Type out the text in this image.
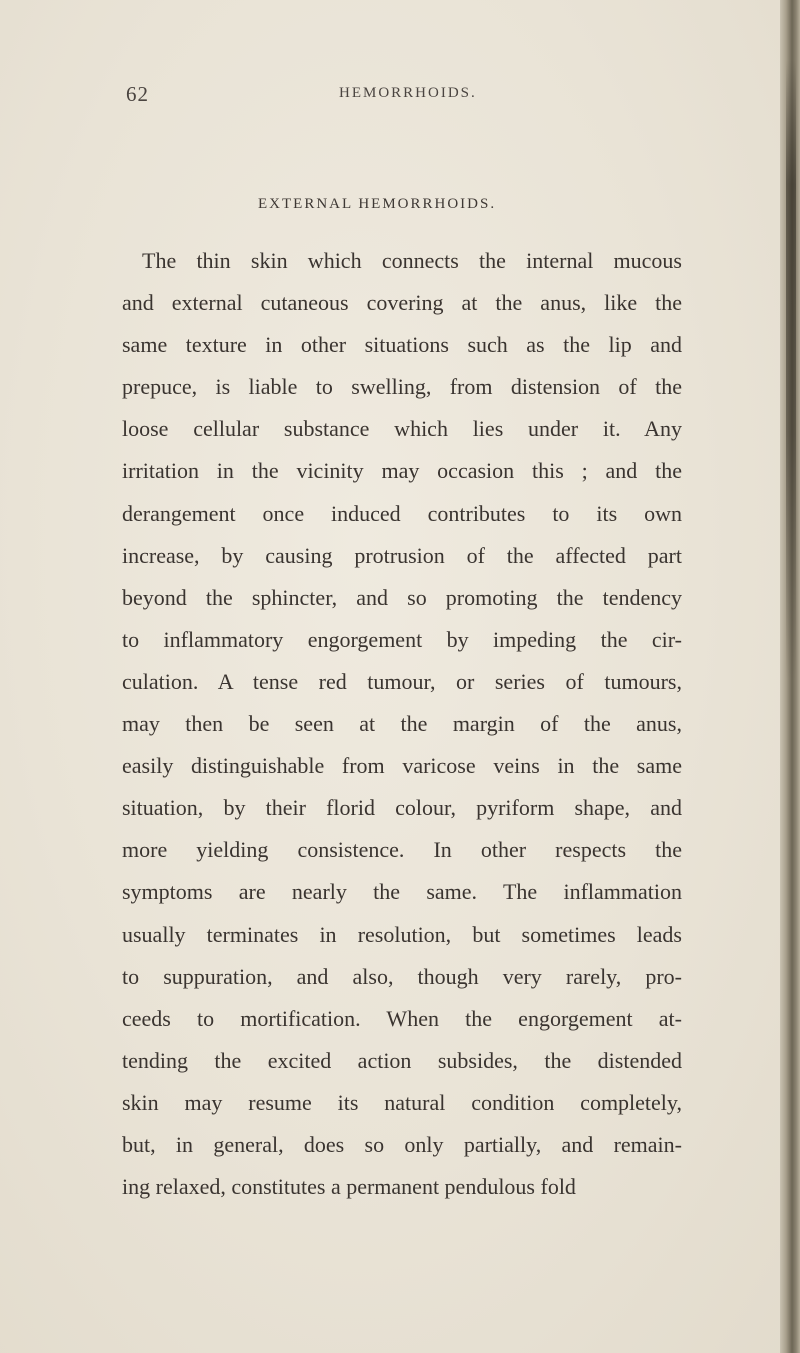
62	HEMORRHOIDS.
EXTERNAL HEMORRHOIDS.
The thin skin which connects the internal mucous
and external cutaneous covering at the anus, like the
same texture in other situations such as the lip and
prepuce, is liable to swelling, from distension of the
loose cellular substance which lies under it. Any
irritation in the vicinity may occasion this ; and the
derangement once induced contributes to its own
increase, by causing protrusion of the affected part
beyond the sphincter, and so promoting the tendency
to inflammatory engorgement by impeding the cir-
culation. A tense red tumour, or series of tumours,
may then be seen at the margin of the anus,
easily distinguishable from varicose veins in the same
situation, by their florid colour, pyriform shape, and
more yielding consistence. In other respects the
symptoms are nearly the same. The inflammation
usually terminates in resolution, but sometimes leads
to suppuration, and also, though very rarely, pro-
ceeds to mortification. When the engorgement at-
tending the excited action subsides, the distended
skin may resume its natural condition completely,
but, in general, does so only partially, and remain-
ing relaxed, constitutes a permanent pendulous fold
